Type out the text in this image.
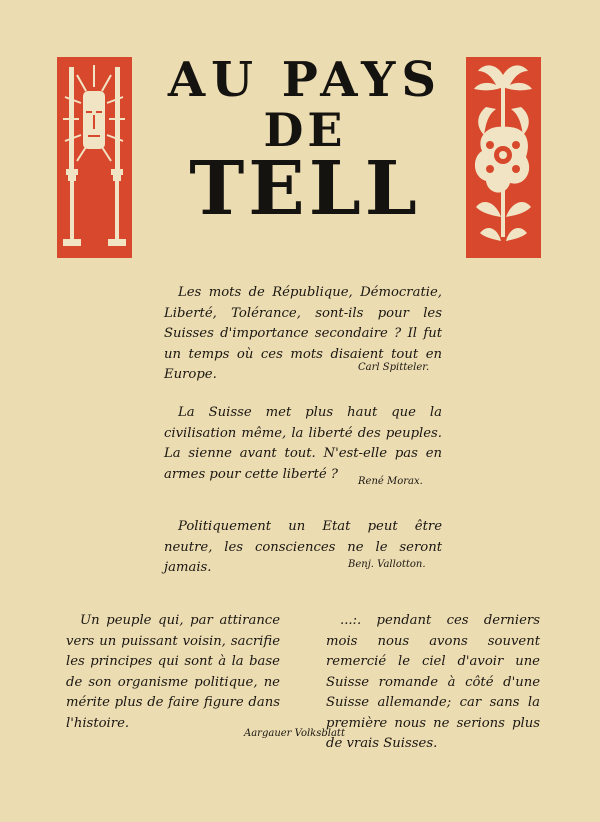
AU PAYS
DE
TELL

Les mots de République, Démocratie, Liberté, Tolérance, sont-ils pour les Suisses d'importance secondaire ? Il fut un temps où ces mots disaient tout en Europe.	Carl Spitteler.

La Suisse met plus haut que la civilisation même, la liberté des peuples. La sienne avant tout. N'est-elle pas en armes pour cette liberté ?	René Morax.

Politiquement un Etat peut être neutre, les consciences ne le seront jamais.	Benj. Vallotton.

Un peuple qui, par attirance vers un puissant voisin, sacrifie les principes qui sont à la base de son organisme politique, ne mérite plus de faire figure dans l'histoire.

...:. pendant ces derniers mois nous avons souvent remercié le ciel d'avoir une Suisse romande à côté d'une Suisse allemande; car sans la première nous ne serions plus de vrais Suisses.

Aargauer Volksblatt
